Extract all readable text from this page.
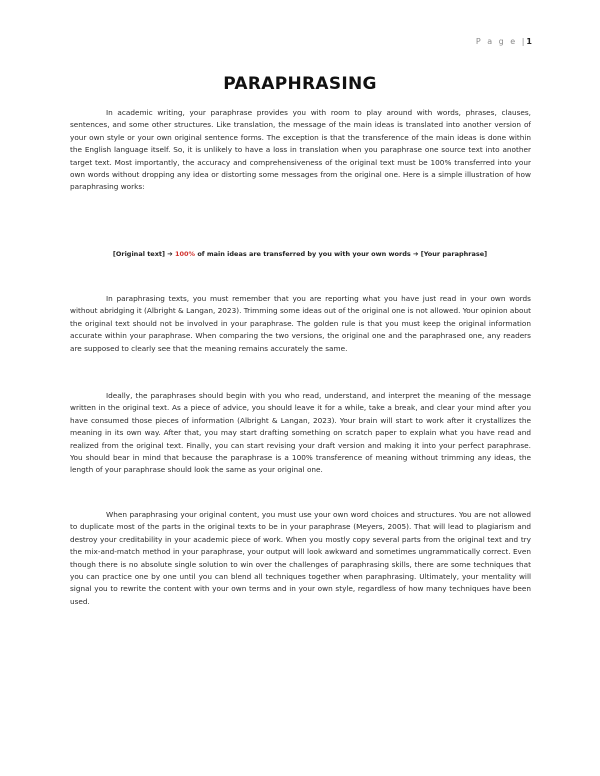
P a g e |1
PARAPHRASING

In academic writing, your paraphrase provides you with room to play around with words, phrases, clauses, sentences, and some other structures. Like translation, the message of the main ideas is translated into another version of your own style or your own original sentence forms. The exception is that the transference of the main ideas is done within the English language itself. So, it is unlikely to have a loss in translation when you paraphrase one source text into another target text. Most importantly, the accuracy and comprehensiveness of the original text must be 100% transferred into your own words without dropping any idea or distorting some messages from the original one. Here is a simple illustration of how paraphrasing works:

[Original text] ➔ 100% of main ideas are transferred by you with your own words ➔ [Your paraphrase]

In paraphrasing texts, you must remember that you are reporting what you have just read in your own words without abridging it (Albright & Langan, 2023). Trimming some ideas out of the original one is not allowed. Your opinion about the original text should not be involved in your paraphrase. The golden rule is that you must keep the original information accurate within your paraphrase. When comparing the two versions, the original one and the paraphrased one, any readers are supposed to clearly see that the meaning remains accurately the same.

Ideally, the paraphrases should begin with you who read, understand, and interpret the meaning of the message written in the original text. As a piece of advice, you should leave it for a while, take a break, and clear your mind after you have consumed those pieces of information (Albright & Langan, 2023). Your brain will start to work after it crystallizes the meaning in its own way. After that, you may start drafting something on scratch paper to explain what you have read and realized from the original text. Finally, you can start revising your draft version and making it into your perfect paraphrase. You should bear in mind that because the paraphrase is a 100% transference of meaning without trimming any ideas, the length of your paraphrase should look the same as your original one.

When paraphrasing your original content, you must use your own word choices and structures. You are not allowed to duplicate most of the parts in the original texts to be in your paraphrase (Meyers, 2005). That will lead to plagiarism and destroy your creditability in your academic piece of work. When you mostly copy several parts from the original text and try the mix-and-match method in your paraphrase, your output will look awkward and sometimes ungrammatically correct. Even though there is no absolute single solution to win over the challenges of paraphrasing skills, there are some techniques that you can practice one by one until you can blend all techniques together when paraphrasing. Ultimately, your mentality will signal you to rewrite the content with your own terms and in your own style, regardless of how many techniques have been used.
